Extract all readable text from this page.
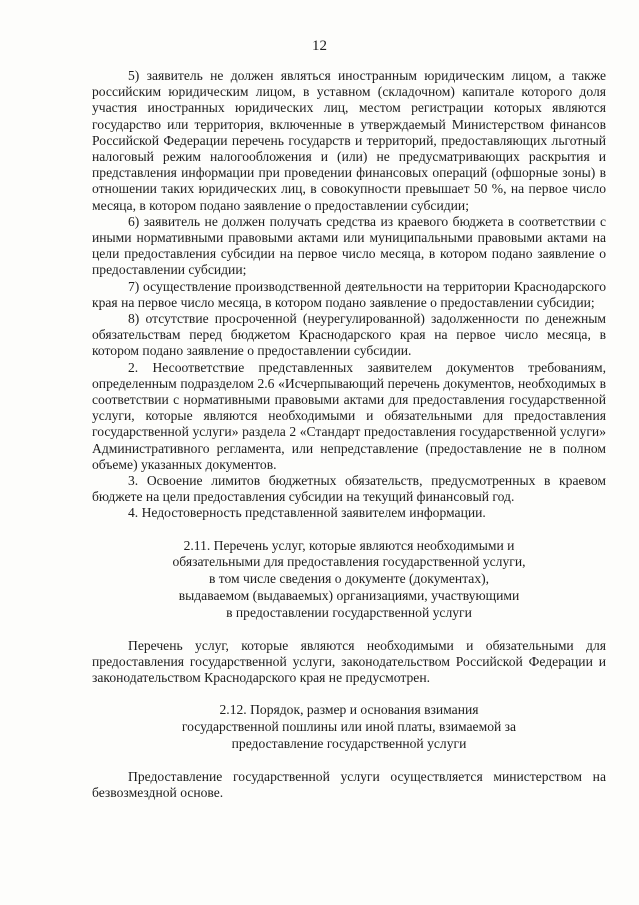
12

5) заявитель не должен являться иностранным юридическим лицом, а также российским юридическим лицом, в уставном (складочном) капитале которого доля участия иностранных юридических лиц, местом регистрации которых являются государство или территория, включенные в утверждаемый Министерством финансов Российской Федерации перечень государств и территорий, предоставляющих льготный налоговый режим налогообложения и (или) не предусматривающих раскрытия и представления информации при проведении финансовых операций (офшорные зоны) в отношении таких юридических лиц, в совокупности превышает 50 %, на первое число месяца, в котором подано заявление о предоставлении субсидии;

6) заявитель не должен получать средства из краевого бюджета в соответствии с иными нормативными правовыми актами или муниципальными правовыми актами на цели предоставления субсидии на первое число месяца, в котором подано заявление о предоставлении субсидии;

7) осуществление производственной деятельности на территории Краснодарского края на первое число месяца, в котором подано заявление о предоставлении субсидии;

8) отсутствие просроченной (неурегулированной) задолженности по денежным обязательствам перед бюджетом Краснодарского края на первое число месяца, в котором подано заявление о предоставлении субсидии.

2. Несоответствие представленных заявителем документов требованиям, определенным подразделом 2.6 «Исчерпывающий перечень документов, необходимых в соответствии с нормативными правовыми актами для предоставления государственной услуги, которые являются необходимыми и обязательными для предоставления государственной услуги» раздела 2 «Стандарт предоставления государственной услуги» Административного регламента, или непредставление (предоставление не в полном объеме) указанных документов.

3. Освоение лимитов бюджетных обязательств, предусмотренных в краевом бюджете на цели предоставления субсидии на текущий финансовый год.

4. Недостоверность представленной заявителем информации.

2.11. Перечень услуг, которые являются необходимыми и
обязательными для предоставления государственной услуги,
в том числе сведения о документе (документах),
выдаваемом (выдаваемых) организациями, участвующими
в предоставлении государственной услуги

Перечень услуг, которые являются необходимыми и обязательными для предоставления государственной услуги, законодательством Российской Федерации и законодательством Краснодарского края не предусмотрен.

2.12. Порядок, размер и основания взимания
государственной пошлины или иной платы, взимаемой за
предоставление государственной услуги

Предоставление государственной услуги осуществляется министерством на безвозмездной основе.
